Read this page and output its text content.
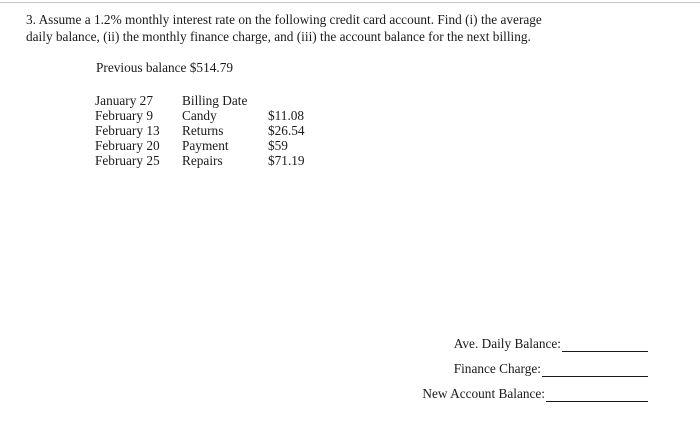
3. Assume a 1.2% monthly interest rate on the following credit card account. Find (i) the average
daily balance, (ii) the monthly finance charge, and (iii) the account balance for the next billing.
Previous balance $514.79
January 27 Billing Date
February 9 Candy	$11.08
February 13 Returns	$26.54
February 20 Payment	$59
February 25 Repairs	$71.19
Ave. Daily Balance:
Finance Charge:
New Account Balance:
